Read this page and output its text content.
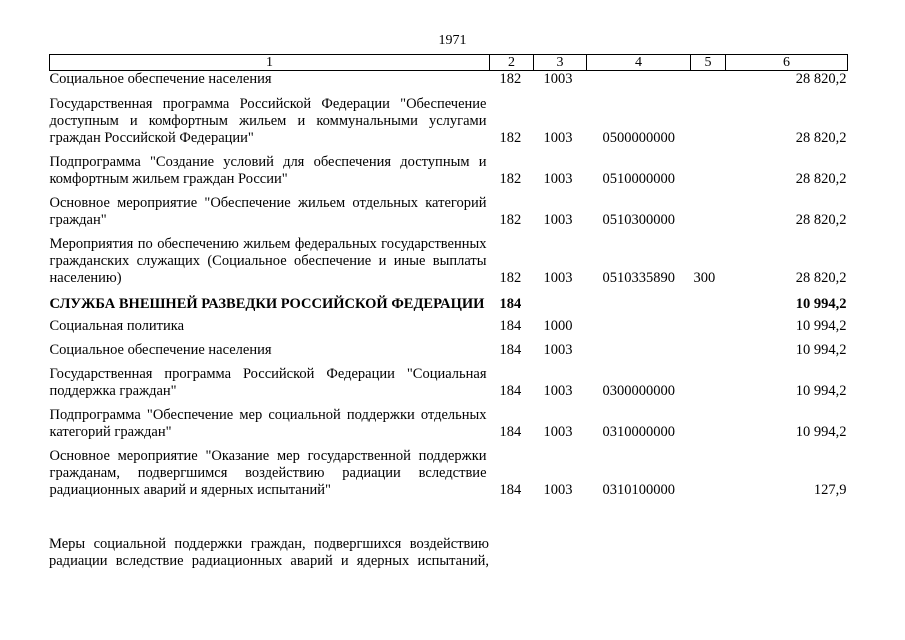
1971
1	2	3	4	5	6
Социальное обеспечение населения	182	1003			28 820,2
Государственная программа Российской Федерации "Обеспечение доступным и комфортным жильем и коммунальными услугами граждан Российской Федерации"	182	1003	0500000000		28 820,2
Подпрограмма "Создание условий для обеспечения доступным и комфортным жильем граждан России"	182	1003	0510000000		28 820,2
Основное мероприятие "Обеспечение жильем отдельных категорий граждан"	182	1003	0510300000		28 820,2
Мероприятия по обеспечению жильем федеральных государственных гражданских служащих (Социальное обеспечение и иные выплаты населению)	182	1003	0510335890	300	28 820,2
СЛУЖБА ВНЕШНЕЙ РАЗВЕДКИ РОССИЙСКОЙ ФЕДЕРАЦИИ	184				10 994,2
Социальная политика	184	1000			10 994,2
Социальное обеспечение населения	184	1003			10 994,2
Государственная программа Российской Федерации "Социальная поддержка граждан"	184	1003	0300000000		10 994,2
Подпрограмма "Обеспечение мер социальной поддержки отдельных категорий граждан"	184	1003	0310000000		10 994,2
Основное мероприятие "Оказание мер государственной поддержки гражданам, подвергшимся воздействию радиации вследствие радиационных аварий и ядерных испытаний"	184	1003	0310100000		127,9
Меры социальной поддержки граждан, подвергшихся воздействию радиации вследствие радиационных аварий и ядерных испытаний,
